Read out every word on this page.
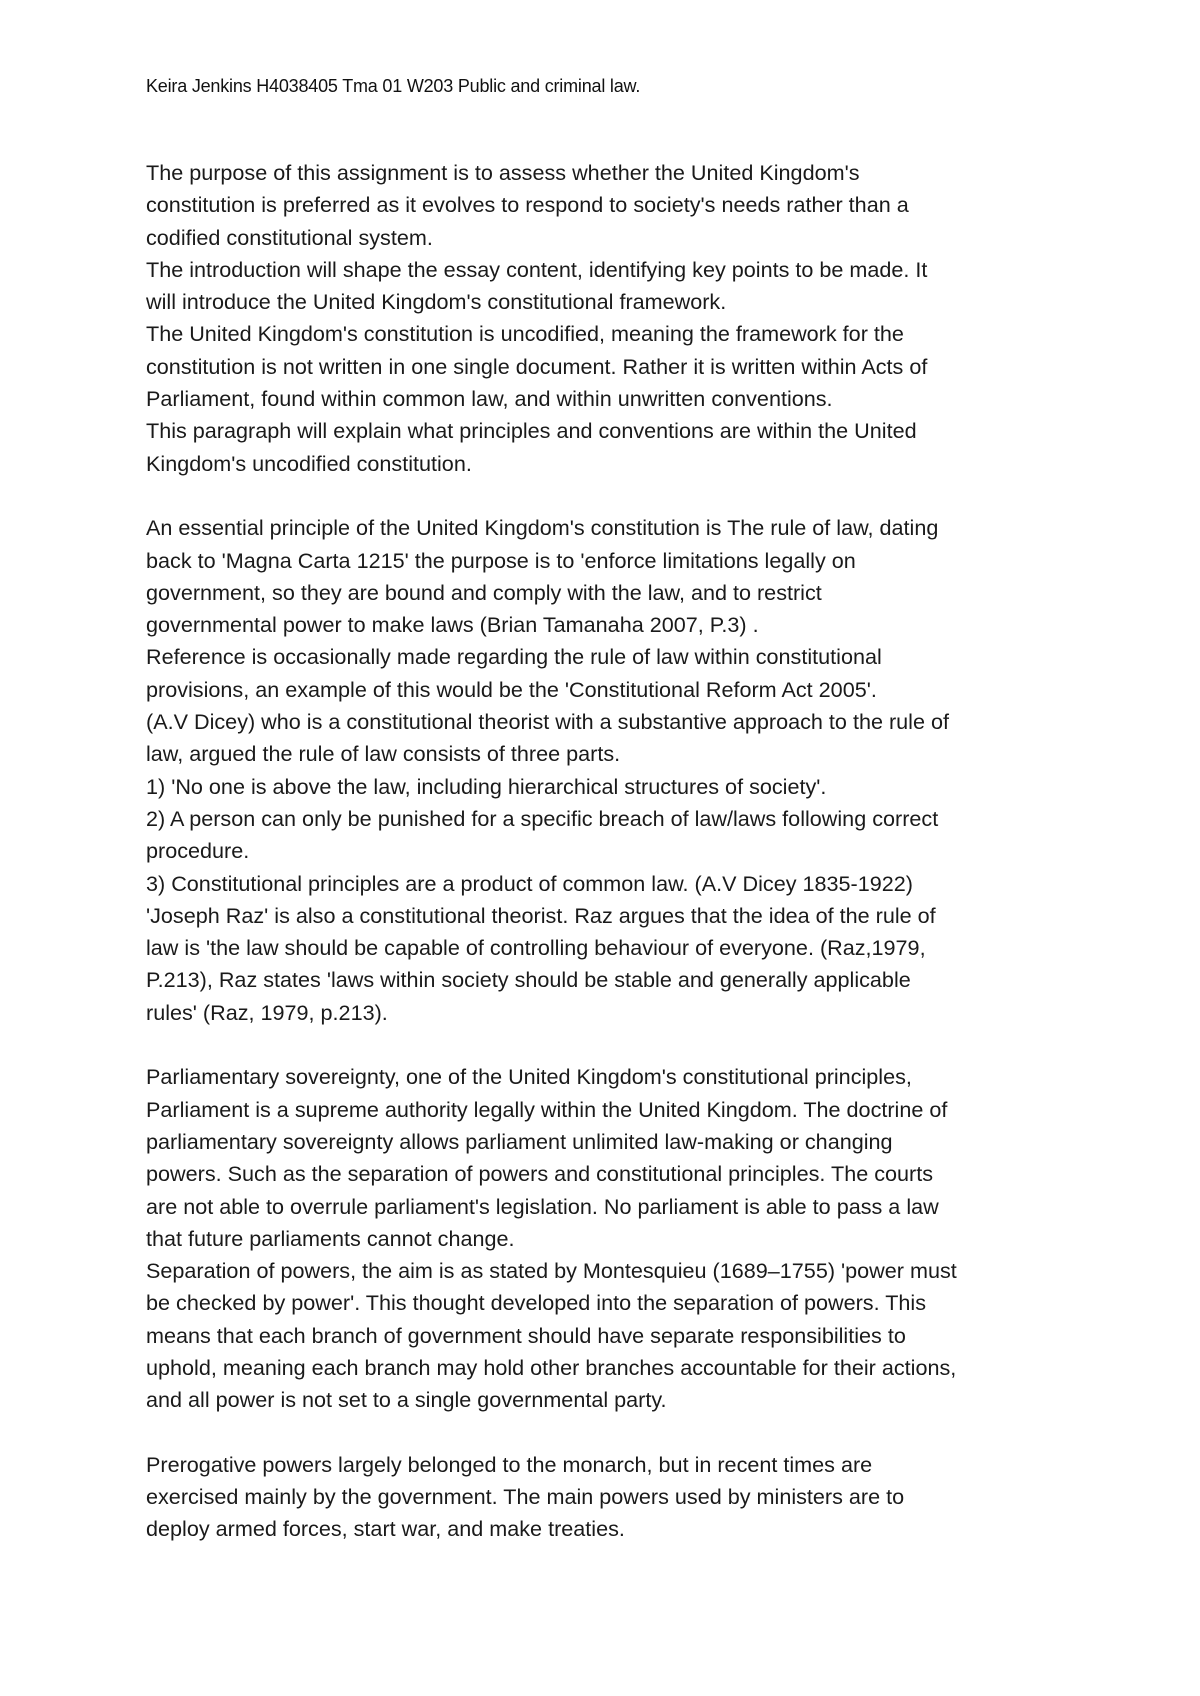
Keira Jenkins H4038405 Tma 01 W203 Public and criminal law.
The purpose of this assignment is to assess whether the United Kingdom's
constitution is preferred as it evolves to respond to society's needs rather than a
codified constitutional system.
The introduction will shape the essay content, identifying key points to be made. It
will introduce the United Kingdom's constitutional framework.
The United Kingdom's constitution is uncodified, meaning the framework for the
constitution is not written in one single document. Rather it is written within Acts of
Parliament, found within common law, and within unwritten conventions.
This paragraph will explain what principles and conventions are within the United
Kingdom's uncodified constitution.
An essential principle of the United Kingdom's constitution is The rule of law, dating
back to 'Magna Carta 1215' the purpose is to 'enforce limitations legally on
government, so they are bound and comply with the law, and to restrict
governmental power to make laws (Brian Tamanaha 2007, P.3) .
Reference is occasionally made regarding the rule of law within constitutional
provisions, an example of this would be the 'Constitutional Reform Act 2005'.
(A.V Dicey) who is a constitutional theorist with a substantive approach to the rule of
law, argued the rule of law consists of three parts.
1) 'No one is above the law, including hierarchical structures of society'.
2) A person can only be punished for a specific breach of law/laws following correct
procedure.
3) Constitutional principles are a product of common law. (A.V Dicey 1835-1922)
'Joseph Raz' is also a constitutional theorist. Raz argues that the idea of the rule of
law is 'the law should be capable of controlling behaviour of everyone. (Raz,1979,
P.213), Raz states 'laws within society should be stable and generally applicable
rules' (Raz, 1979, p.213).
Parliamentary sovereignty, one of the United Kingdom's constitutional principles,
Parliament is a supreme authority legally within the United Kingdom. The doctrine of
parliamentary sovereignty allows parliament unlimited law-making or changing
powers. Such as the separation of powers and constitutional principles. The courts
are not able to overrule parliament's legislation. No parliament is able to pass a law
that future parliaments cannot change.
Separation of powers, the aim is as stated by Montesquieu (1689–1755) 'power must
be checked by power'. This thought developed into the separation of powers. This
means that each branch of government should have separate responsibilities to
uphold, meaning each branch may hold other branches accountable for their actions,
and all power is not set to a single governmental party.
Prerogative powers largely belonged to the monarch, but in recent times are
exercised mainly by the government. The main powers used by ministers are to
deploy armed forces, start war, and make treaties.
